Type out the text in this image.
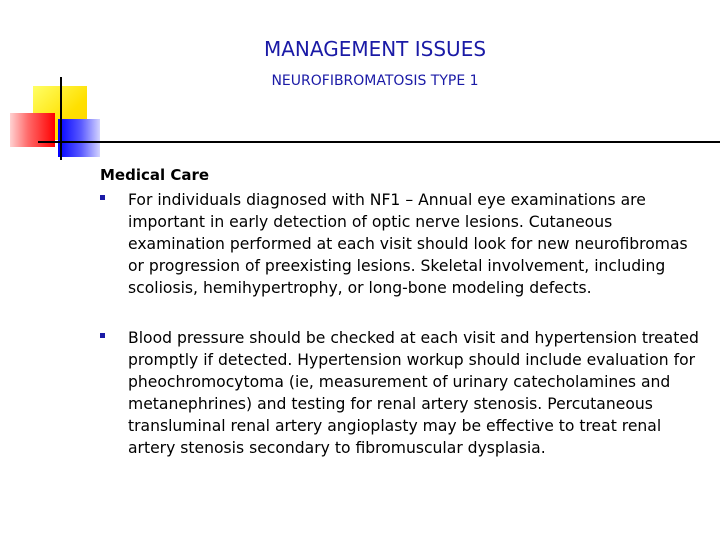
MANAGEMENT ISSUES
NEUROFIBROMATOSIS TYPE 1
Medical Care
For individuals diagnosed with NF1 – Annual eye examinations are important in early detection of optic nerve lesions. Cutaneous examination performed at each visit should look for new neurofibromas or progression of preexisting lesions. Skeletal involvement, including scoliosis, hemihypertrophy, or long-bone modeling defects.
Blood pressure should be checked at each visit and hypertension treated promptly if detected. Hypertension workup should include evaluation for pheochromocytoma (ie, measurement of urinary catecholamines and metanephrines) and testing for renal artery stenosis. Percutaneous transluminal renal artery angioplasty may be effective to treat renal artery stenosis secondary to fibromuscular dysplasia.
